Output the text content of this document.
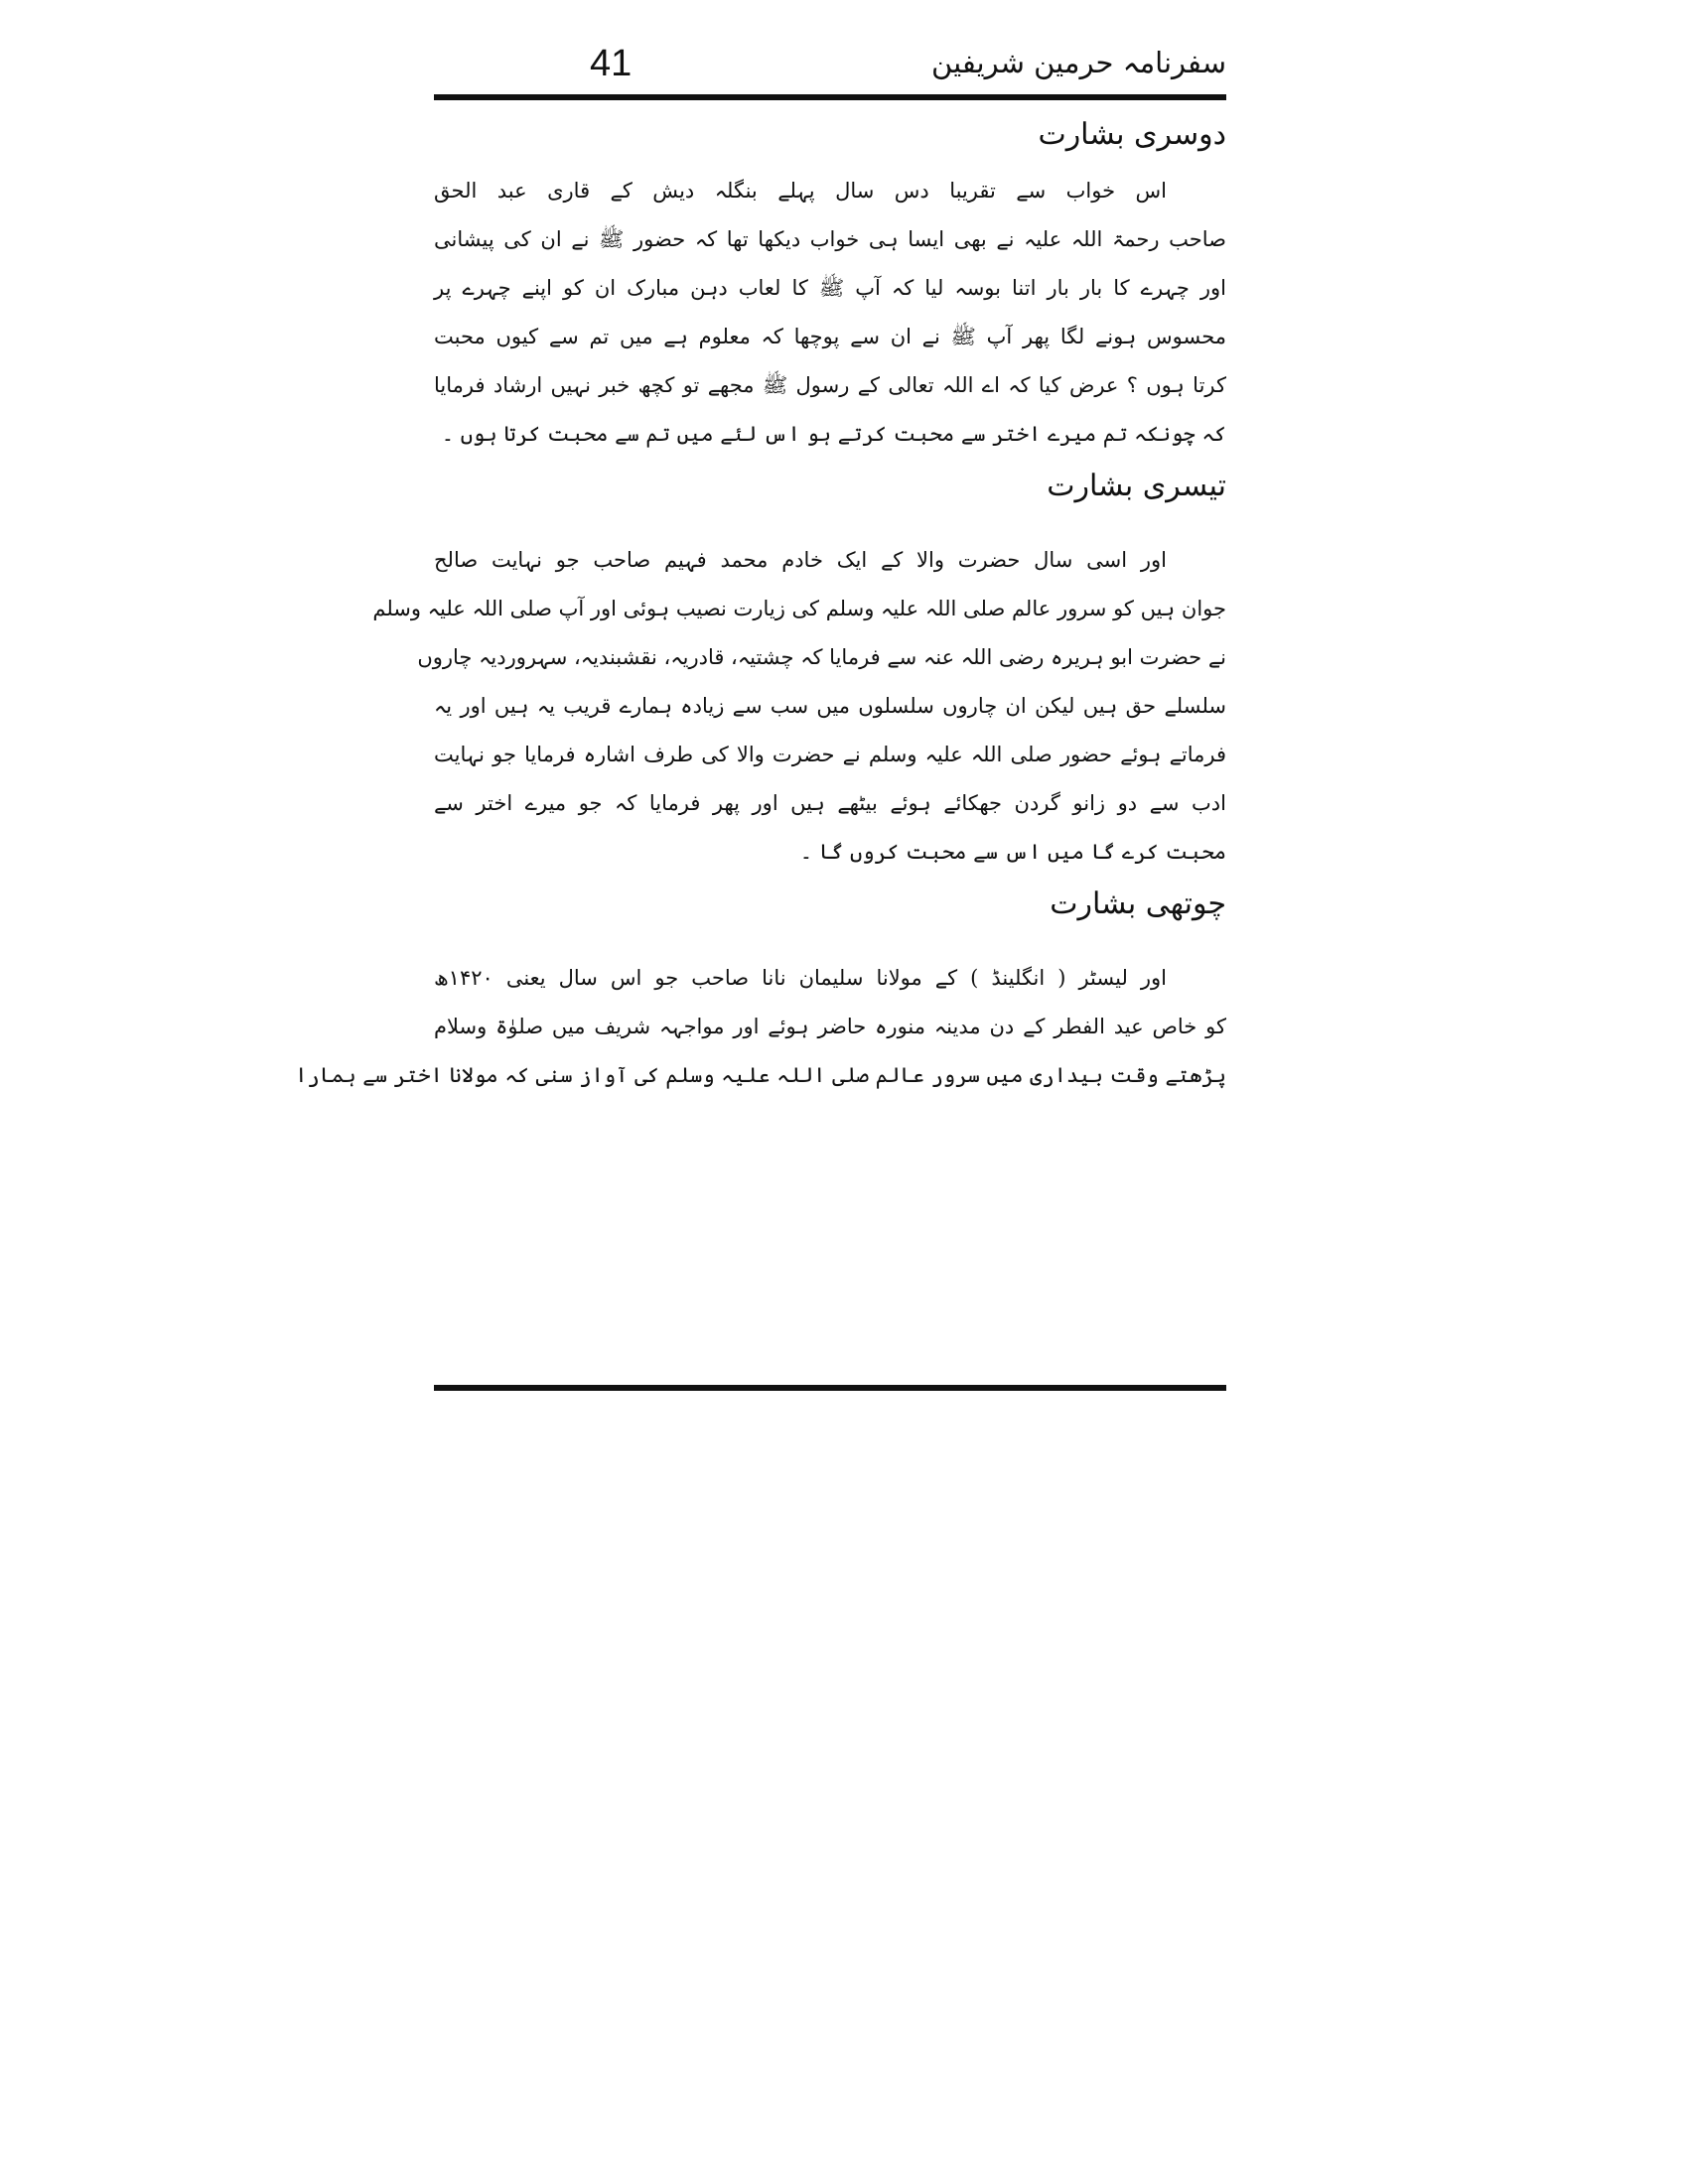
41	سفرنامہ حرمین شریفین
دوسری بشارت
اس خواب سے تقریبا دس سال پہلے بنگلہ دیش کے قاری عبد الحق
صاحب رحمۃ اللہ علیہ نے بھی ایسا ہی خواب دیکھا تھا کہ حضور ﷺ نے ان کی پیشانی
اور چہرے کا بار بار اتنا بوسہ لیا کہ آپ ﷺ کا لعاب دہن مبارک ان کو اپنے چہرے پر
محسوس ہونے لگا پھر آپ ﷺ نے ان سے پوچھا کہ معلوم ہے میں تم سے کیوں محبت
کرتا ہوں ؟ عرض کیا کہ اے اللہ تعالی کے رسول ﷺ مجھے تو کچھ خبر نہیں ارشاد فرمایا
کہ چونکہ تم میرے اختر سے محبت کرتے ہو اس لئے میں تم سے محبت کرتا ہوں ۔
تیسری بشارت
اور اسی سال حضرت والا کے ایک خادم محمد فہیم صاحب جو نہایت صالح
جوان ہیں کو سرور عالم صلی اللہ علیہ وسلم کی زیارت نصیب ہوئی اور آپ صلی اللہ علیہ وسلم
نے حضرت ابو ہریرہ رضی اللہ عنہ سے فرمایا کہ چشتیہ، قادریہ، نقشبندیہ، سہروردیہ چاروں
سلسلے حق ہیں لیکن ان چاروں سلسلوں میں سب سے زیادہ ہمارے قریب یہ ہیں اور یہ
فرماتے ہوئے حضور صلی اللہ علیہ وسلم نے حضرت والا کی طرف اشارہ فرمایا جو نہایت
ادب سے دو زانو گردن جھکائے ہوئے بیٹھے ہیں اور پھر فرمایا کہ جو میرے اختر سے
محبت کرے گا میں اس سے محبت کروں گا ۔
چوتھی بشارت
اور لیسٹر ( انگلینڈ ) کے مولانا سلیمان نانا صاحب جو اس سال یعنی ۱۴۲۰ھ
کو خاص عید الفطر کے دن مدینہ منورہ حاضر ہوئے اور مواجہہ شریف میں صلوٰۃ وسلام
پڑھتے وقت بیداری میں سرور عالم صلی اللہ علیہ وسلم کی آواز سنی کہ مولانا اختر سے ہمارا
